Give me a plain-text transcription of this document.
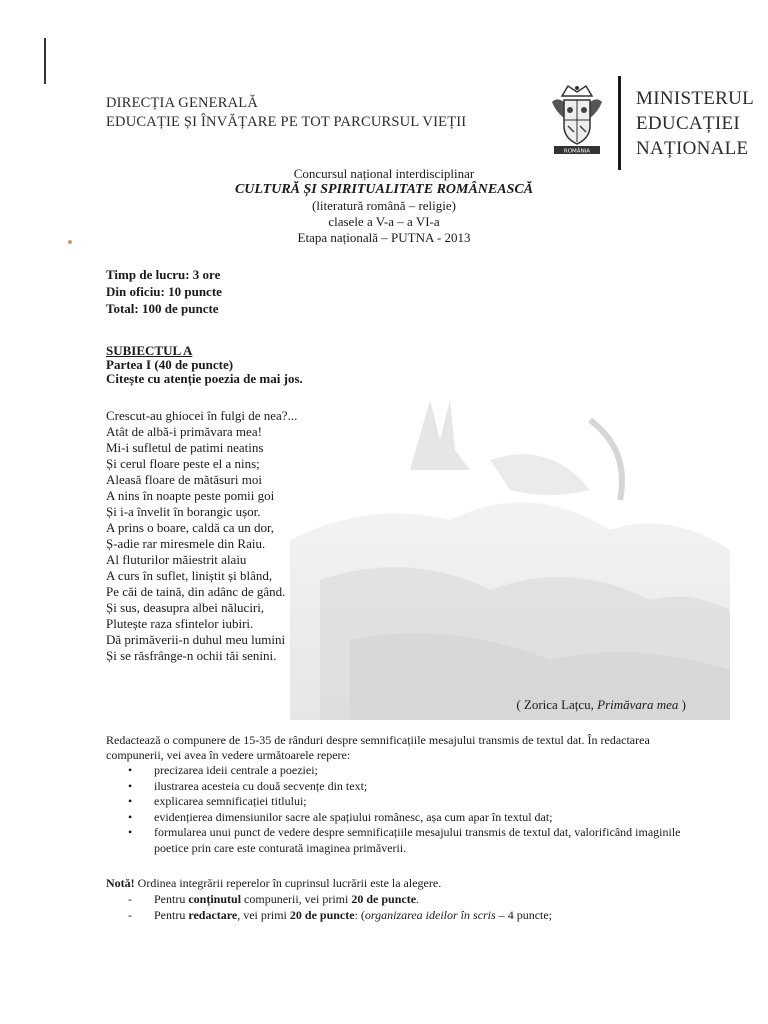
DIRECȚIA GENERALĂ
EDUCAȚIE ȘI ÎNVĂȚARE PE TOT PARCURSUL VIEȚII
ROMÂNIA
MINISTERUL
EDUCAȚIEI
NAȚIONALE
Concursul național interdisciplinar
CULTURĂ ȘI SPIRITUALITATE ROMÂNEASCĂ
(literatură română – religie)
clasele a V-a – a VI-a
Etapa națională – PUTNA - 2013
Timp de lucru: 3 ore
Din oficiu: 10 puncte
Total: 100 de puncte
SUBIECTUL A
Partea I (40 de puncte)
Citește cu atenție poezia de mai jos.
Crescut-au ghiocei în fulgi de nea?...
Atât de albă-i primăvara mea!
Mi-i sufletul de patimi neatins
Și cerul floare peste el a nins;
Aleasă floare de mătăsuri moi
A nins în noapte peste pomii goi
Și i-a învelit în borangic ușor.
A prins o boare, caldă ca un dor,
Ș-adie rar miresmele din Raiu.
Al fluturilor măiestrit alaiu
A curs în suflet, liniștit și blând,
Pe căi de taină, din adânc de gând.
Și sus, deasupra albei năluciri,
Plutește raza sfintelor iubiri.
Dă primăverii-n duhul meu lumini
Și se răsfrânge-n ochii tăi senini.
( Zorica Lațcu, Primăvara mea )
Redactează o compunere de 15-35 de rânduri despre semnificațiile mesajului transmis de textul dat. În redactarea compunerii, vei avea în vedere următoarele repere:
• precizarea ideii centrale a poeziei;
• ilustrarea acesteia cu două secvențe din text;
• explicarea semnificației titlului;
• evidențierea dimensiunilor sacre ale spațiului românesc, așa cum apar în textul dat;
• formularea unui punct de vedere despre semnificațiile mesajului transmis de textul dat, valorificând imaginile poetice prin care este conturată imaginea primăverii.
Notă! Ordinea integrării reperelor în cuprinsul lucrării este la alegere.
- Pentru conținutul compunerii, vei primi 20 de puncte.
- Pentru redactare, vei primi 20 de puncte: (organizarea ideilor în scris – 4 puncte;
